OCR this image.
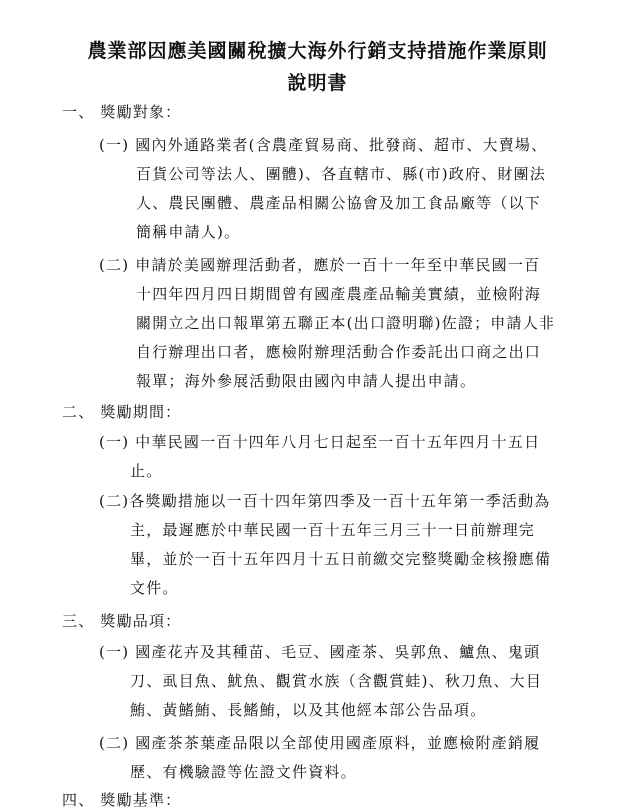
農業部因應美國關稅擴大海外行銷支持措施作業原則
說明書
一、 獎勵對象：
(一) 國內外通路業者(含農產貿易商、批發商、超市、大賣場、
百貨公司等法人、團體)、各直轄市、縣(市)政府、財團法
人、農民團體、農產品相關公協會及加工食品廠等（以下
簡稱申請人)。
(二) 申請於美國辦理活動者，應於一百十一年至中華民國一百
十四年四月四日期間曾有國產農產品輸美實績，並檢附海
關開立之出口報單第五聯正本(出口證明聯)佐證；申請人非
自行辦理出口者，應檢附辦理活動合作委託出口商之出口
報單；海外參展活動限由國內申請人提出申請。
二、 獎勵期間：
(一) 中華民國一百十四年八月七日起至一百十五年四月十五日
止。
(二)各獎勵措施以一百十四年第四季及一百十五年第一季活動為
主，最遲應於中華民國一百十五年三月三十一日前辦理完
畢，並於一百十五年四月十五日前繳交完整獎勵金核撥應備
文件。
三、 獎勵品項：
(一) 國產花卉及其種苗、毛豆、國產茶、吳郭魚、鱸魚、鬼頭
刀、虱目魚、魷魚、觀賞水族（含觀賞蛙)、秋刀魚、大目
鮪、黃鰭鮪、長鰭鮪，以及其他經本部公告品項。
(二) 國產茶茶葉產品限以全部使用國產原料，並應檢附產銷履
歷、有機驗證等佐證文件資料。
四、 獎勵基準：
